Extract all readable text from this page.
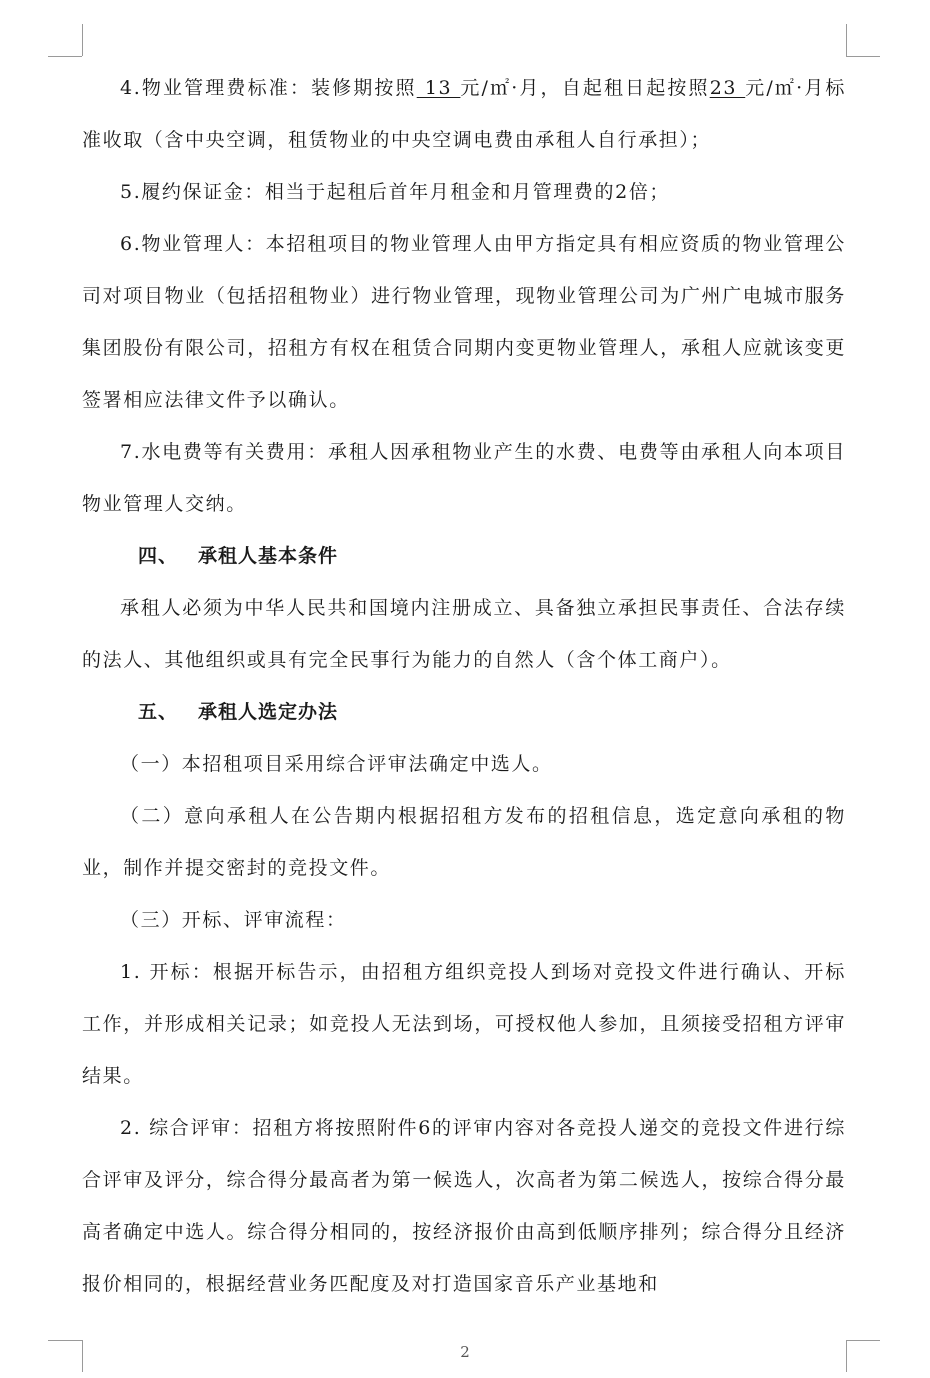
4.物业管理费标准：装修期按照 13 元/㎡·月，自起租日起按照23 元/㎡·月标准收取（含中央空调，租赁物业的中央空调电费由承租人自行承担）；

5.履约保证金：相当于起租后首年月租金和月管理费的2倍；

6.物业管理人：本招租项目的物业管理人由甲方指定具有相应资质的物业管理公司对项目物业（包括招租物业）进行物业管理，现物业管理公司为广州广电城市服务集团股份有限公司，招租方有权在租赁合同期内变更物业管理人，承租人应就该变更签署相应法律文件予以确认。

7.水电费等有关费用：承租人因承租物业产生的水费、电费等由承租人向本项目物业管理人交纳。

四、 承租人基本条件

承租人必须为中华人民共和国境内注册成立、具备独立承担民事责任、合法存续的法人、其他组织或具有完全民事行为能力的自然人（含个体工商户）。

五、 承租人选定办法

（一）本招租项目采用综合评审法确定中选人。

（二）意向承租人在公告期内根据招租方发布的招租信息，选定意向承租的物业，制作并提交密封的竞投文件。

（三）开标、评审流程：

1. 开标：根据开标告示，由招租方组织竞投人到场对竞投文件进行确认、开标工作，并形成相关记录；如竞投人无法到场，可授权他人参加，且须接受招租方评审结果。

2. 综合评审：招租方将按照附件6的评审内容对各竞投人递交的竞投文件进行综合评审及评分，综合得分最高者为第一候选人，次高者为第二候选人，按综合得分最高者确定中选人。综合得分相同的，按经济报价由高到低顺序排列；综合得分且经济报价相同的，根据经营业务匹配度及对打造国家音乐产业基地和

2
